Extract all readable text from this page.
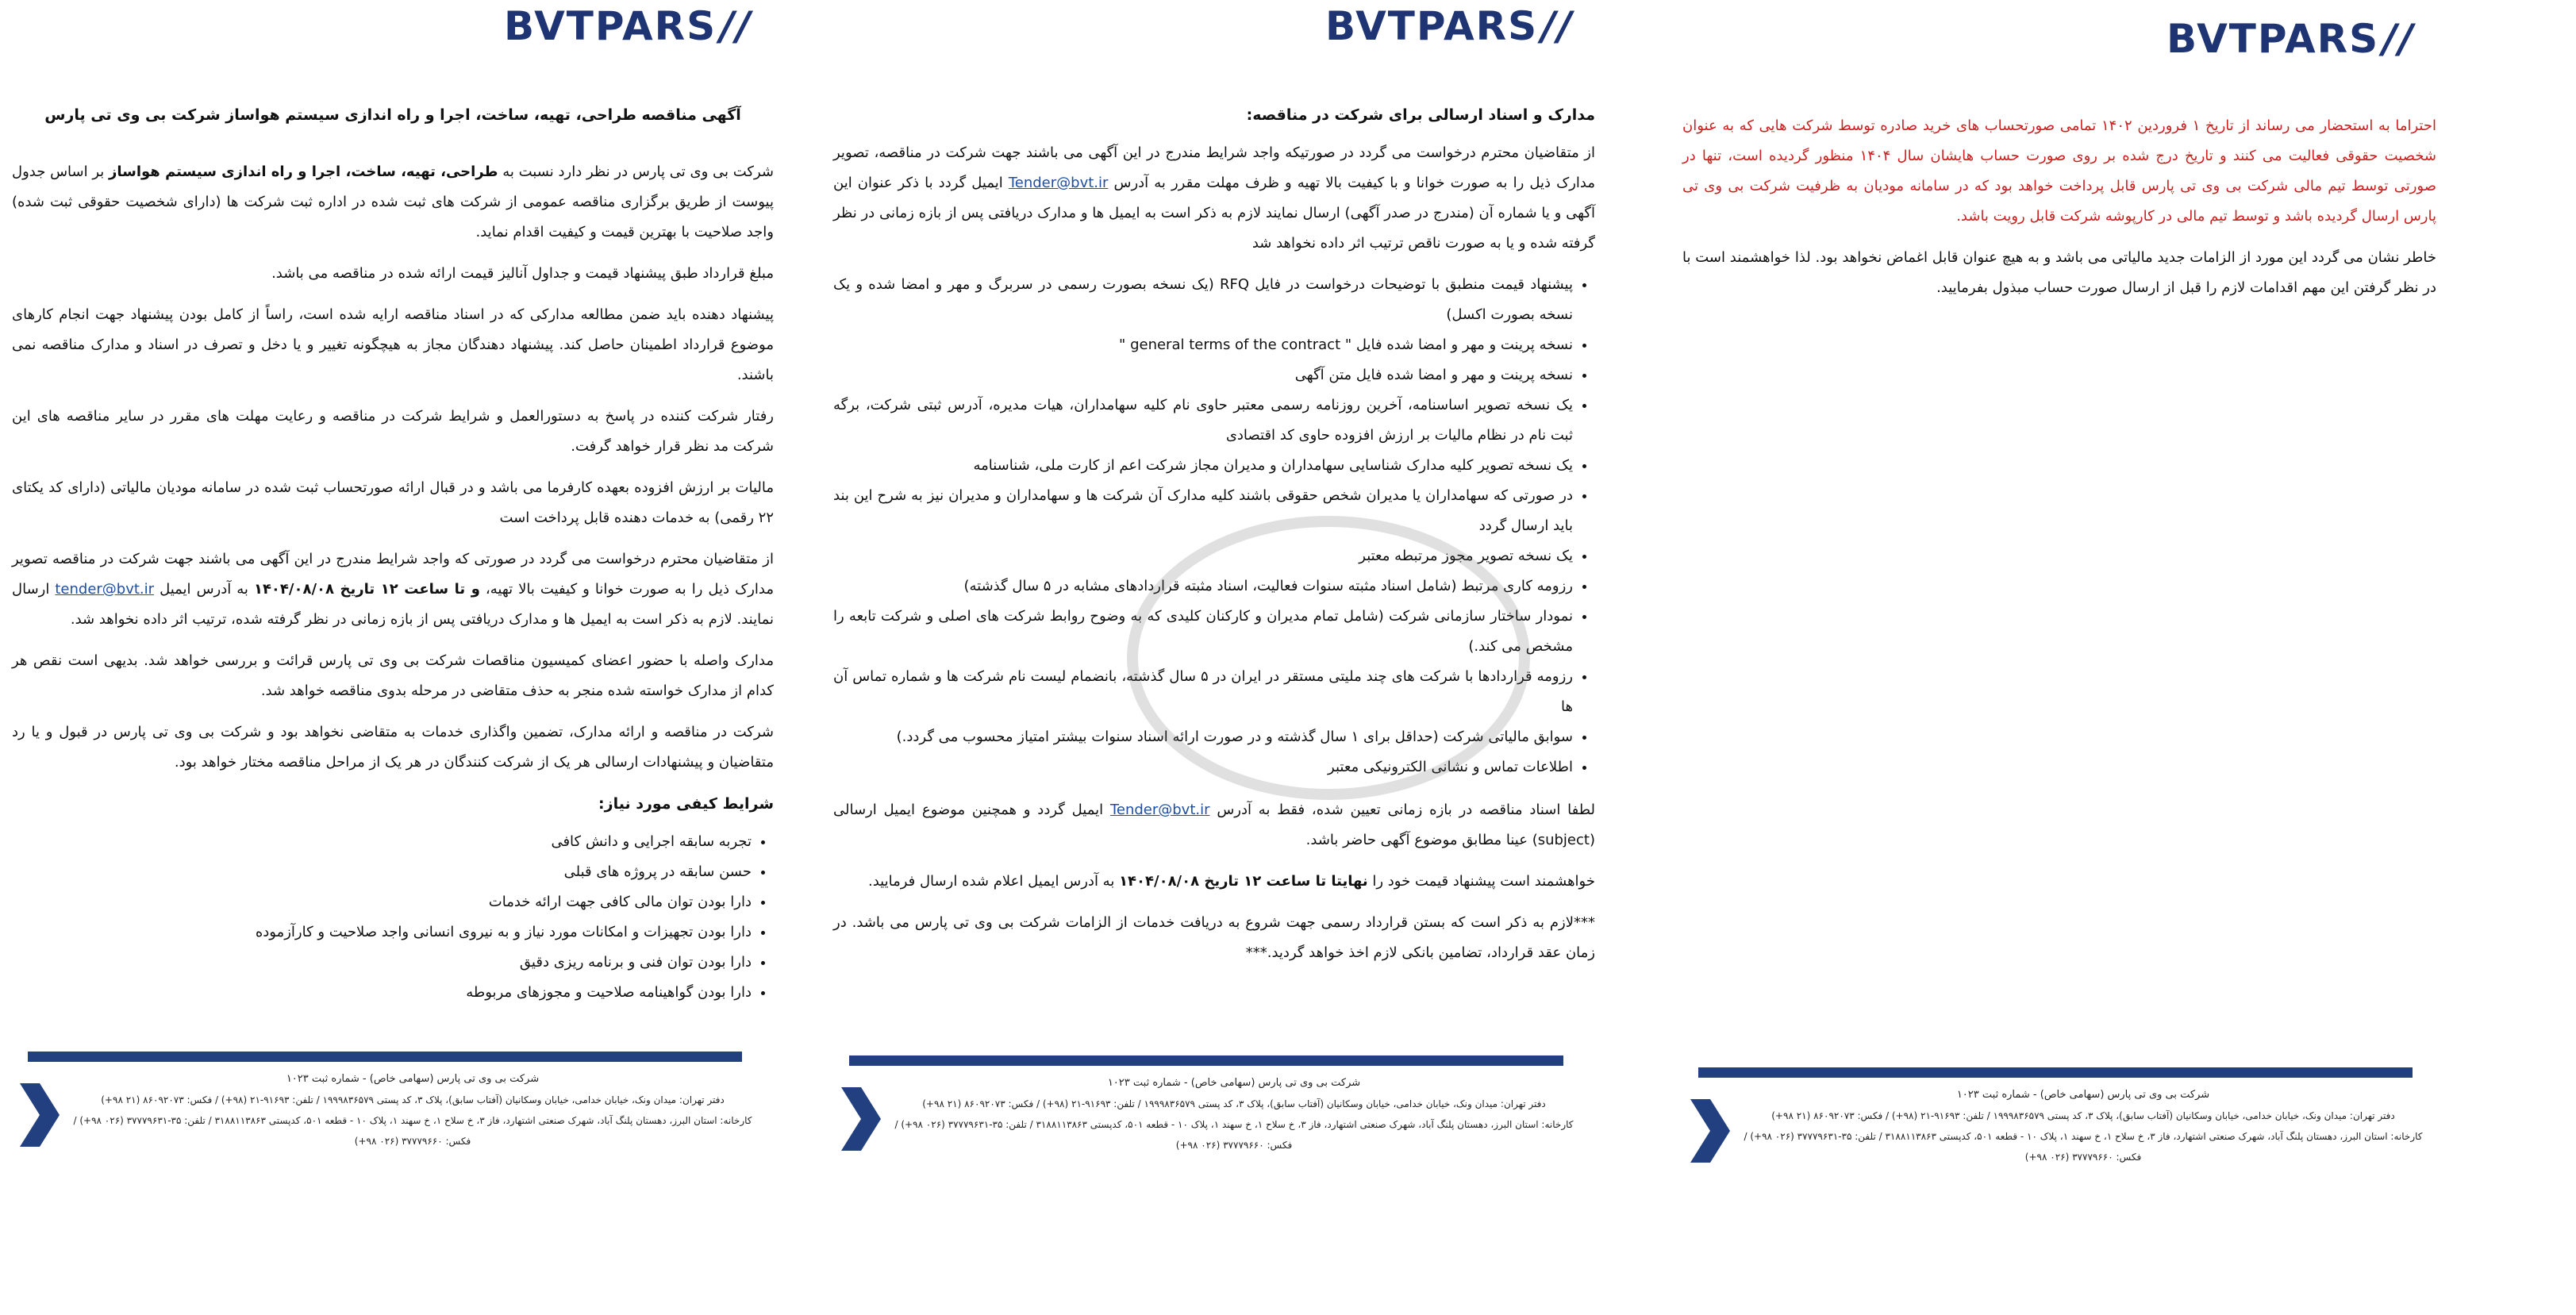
BVTPARS//

آگهی مناقصه طراحی، تهیه، ساخت، اجرا و راه اندازی سیستم هواساز شرکت بی وی تی پارس

شرکت بی وی تی پارس در نظر دارد نسبت به طراحی، تهیه، ساخت، اجرا و راه اندازی سیستم هواساز بر اساس جدول پیوست از طریق برگزاری مناقصه عمومی از شرکت های ثبت شده در اداره ثبت شرکت ها (دارای شخصیت حقوقی ثبت شده) واجد صلاحیت با بهترین قیمت و کیفیت اقدام نماید.

مبلغ قرارداد طبق پیشنهاد قیمت و جداول آنالیز قیمت ارائه شده در مناقصه می باشد.

پیشنهاد دهنده باید ضمن مطالعه مدارکی که در اسناد مناقصه ارایه شده است، راساً از کامل بودن پیشنهاد جهت انجام کارهای موضوع قرارداد اطمینان حاصل کند. پیشنهاد دهندگان مجاز به هیچگونه تغییر و یا دخل و تصرف در اسناد و مدارک مناقصه نمی باشند.

رفتار شرکت کننده در پاسخ به دستورالعمل و شرایط شرکت در مناقصه و رعایت مهلت های مقرر در سایر مناقصه های این شرکت مد نظر قرار خواهد گرفت.

مالیات بر ارزش افزوده بعهده کارفرما می باشد و در قبال ارائه صورتحساب ثبت شده در سامانه مودیان مالیاتی (دارای کد یکتای ۲۲ رقمی) به خدمات دهنده قابل پرداخت است

از متقاضیان محترم درخواست می گردد در صورتی که واجد شرایط مندرج در این آگهی می باشند جهت شرکت در مناقصه تصویر مدارک ذیل را به صورت خوانا و کیفیت بالا تهیه، و تا ساعت ۱۲ تاریخ ۱۴۰۴/۰۸/۰۸ به آدرس ایمیل tender@bvt.ir ارسال نمایند. لازم به ذکر است به ایمیل ها و مدارک دریافتی پس از بازه زمانی در نظر گرفته شده، ترتیب اثر داده نخواهد شد.

مدارک واصله با حضور اعضای کمیسیون مناقصات شرکت بی وی تی پارس قرائت و بررسی خواهد شد. بدیهی است نقص هر کدام از مدارک خواسته شده منجر به حذف متقاضی در مرحله بدوی مناقصه خواهد شد.

شرکت در مناقصه و ارائه مدارک، تضمین واگذاری خدمات به متقاضی نخواهد بود و شرکت بی وی تی پارس در قبول و یا رد متقاضیان و پیشنهادات ارسالی هر یک از شرکت کنندگان در هر یک از مراحل مناقصه مختار خواهد بود.

شرایط کیفی مورد نیاز:

• تجربه سابقه اجرایی و دانش کافی
• حسن سابقه در پروژه های قبلی
• دارا بودن توان مالی کافی جهت ارائه خدمات
• دارا بودن تجهیزات و امکانات مورد نیاز و به نیروی انسانی واجد صلاحیت و کارآزموده
• دارا بودن توان فنی و برنامه ریزی دقیق
• دارا بودن گواهینامه صلاحیت و مجوزهای مربوطه
شرکت بی وی تی پارس (سهامی خاص) - شماره ثبت ۱۰۲۳
دفتر تهران: میدان ونک، خیابان خدامی، خیابان وسکانیان (آفتاب سابق)، پلاک ۳، کد پستی ۱۹۹۹۸۳۶۵۷۹ / تلفن: ۹۱۶۹۳-۲۱ (۹۸+) / فکس: ۸۶۰۹۲۰۷۳ (۲۱ ۹۸+)
کارخانه: استان البرز، دهستان پلنگ آباد، شهرک صنعتی اشتهارد، فاز ۳، خ سلاح ۱، خ سهند ۱، پلاک ۱۰ - قطعه ۵۰۱، کدپستی ۳۱۸۸۱۱۳۸۶۳ / تلفن: ۳۵-۳۷۷۷۹۶۳۱ (۰۲۶ ۹۸+) / فکس: ۳۷۷۷۹۶۶۰ (۰۲۶ ۹۸+)
BVTPARS//

مدارک و اسناد ارسالی برای شرکت در مناقصه:

از متقاضیان محترم درخواست می گردد در صورتیکه واجد شرایط مندرج در این آگهی می باشند جهت شرکت در مناقصه، تصویر مدارک ذیل را به صورت خوانا و با کیفیت بالا تهیه و ظرف مهلت مقرر به آدرس Tender@bvt.ir ایمیل گردد با ذکر عنوان این آگهی و یا شماره آن (مندرج در صدر آگهی) ارسال نمایند لازم به ذکر است به ایمیل ها و مدارک دریافتی پس از بازه زمانی در نظر گرفته شده و یا به صورت ناقص ترتیب اثر داده نخواهد شد

• پیشنهاد قیمت منطبق با توضیحات درخواست در فایل RFQ (یک نسخه بصورت رسمی در سربرگ و مهر و امضا شده و یک نسخه بصورت اکسل)
• نسخه پرینت و مهر و امضا شده فایل " general terms of the contract "
• نسخه پرینت و مهر و امضا شده فایل متن آگهی
• یک نسخه تصویر اساسنامه، آخرین روزنامه رسمی معتبر حاوی نام کلیه سهامداران، هیات مدیره، آدرس ثبتی شرکت، برگه ثبت نام در نظام مالیات بر ارزش افزوده حاوی کد اقتصادی
• یک نسخه تصویر کلیه مدارک شناسایی سهامداران و مدیران مجاز شرکت اعم از کارت ملی، شناسنامه
• در صورتی که سهامداران یا مدیران شخص حقوقی باشند کلیه مدارک آن شرکت ها و سهامداران و مدیران نیز به شرح این بند باید ارسال گردد
• یک نسخه تصویر مجوز مرتبطه معتبر
• رزومه کاری مرتبط (شامل اسناد مثبته سنوات فعالیت، اسناد مثبته قراردادهای مشابه در ۵ سال گذشته)
• نمودار ساختار سازمانی شرکت (شامل تمام مدیران و کارکنان کلیدی که به وضوح روابط شرکت های اصلی و شرکت تابعه را مشخص می کند.)
• رزومه قراردادها با شرکت های چند ملیتی مستقر در ایران در ۵ سال گذشته، بانضمام لیست نام شرکت ها و شماره تماس آن ها
• سوابق مالیاتی شرکت (حداقل برای ۱ سال گذشته و در صورت ارائه اسناد سنوات بیشتر امتیاز محسوب می گردد.)
• اطلاعات تماس و نشانی الکترونیکی معتبر

لطفا اسناد مناقصه در بازه زمانی تعیین شده، فقط به آدرس Tender@bvt.ir ایمیل گردد و همچنین موضوع ایمیل ارسالی (subject) عینا مطابق موضوع آگهی حاضر باشد.

خواهشمند است پیشنهاد قیمت خود را نهایتا تا ساعت ۱۲ تاریخ ۱۴۰۴/۰۸/۰۸ به آدرس ایمیل اعلام شده ارسال فرمایید.

***لازم به ذکر است که بستن قرارداد رسمی جهت شروع به دریافت خدمات از الزامات شرکت بی وی تی پارس می باشد. در زمان عقد قرارداد، تضامین بانکی لازم اخذ خواهد گردید.***

شرکت بی وی تی پارس (سهامی خاص) - شماره ثبت ۱۰۲۳
دفتر تهران: میدان ونک، خیابان خدامی، خیابان وسکانیان (آفتاب سابق)، پلاک ۳، کد پستی ۱۹۹۹۸۳۶۵۷۹ / تلفن: ۹۱۶۹۳-۲۱ (۹۸+) / فکس: ۸۶۰۹۲۰۷۳ (۲۱ ۹۸+)
کارخانه: استان البرز، دهستان پلنگ آباد، شهرک صنعتی اشتهارد، فاز ۳، خ سلاح ۱، خ سهند ۱، پلاک ۱۰ - قطعه ۵۰۱، کدپستی ۳۱۸۸۱۱۳۸۶۳ / تلفن: ۳۵-۳۷۷۷۹۶۳۱ (۰۲۶ ۹۸+) / فکس: ۳۷۷۷۹۶۶۰ (۰۲۶ ۹۸+)
BVTPARS//

احتراما به استحضار می رساند از تاریخ ۱ فروردین ۱۴۰۲ تمامی صورتحساب های خرید صادره توسط شرکت هایی که به عنوان شخصیت حقوقی فعالیت می کنند و تاریخ درج شده بر روی صورت حساب هایشان سال ۱۴۰۴ منظور گردیده است، تنها در صورتی توسط تیم مالی شرکت بی وی تی پارس قابل پرداخت خواهد بود که در سامانه مودیان به ظرفیت شرکت بی وی تی پارس ارسال گردیده باشد و توسط تیم مالی در کارپوشه شرکت قابل رویت باشد.

خاطر نشان می گردد این مورد از الزامات جدید مالیاتی می باشد و به هیچ عنوان قابل اغماض نخواهد بود. لذا خواهشمند است با در نظر گرفتن این مهم اقدامات لازم را قبل از ارسال صورت حساب مبذول بفرمایید.

شرکت بی وی تی پارس (سهامی خاص) - شماره ثبت ۱۰۲۳
دفتر تهران: میدان ونک، خیابان خدامی، خیابان وسکانیان (آفتاب سابق)، پلاک ۳، کد پستی ۱۹۹۹۸۳۶۵۷۹ / تلفن: ۹۱۶۹۳-۲۱ (۹۸+) / فکس: ۸۶۰۹۲۰۷۳ (۲۱ ۹۸+)
کارخانه: استان البرز، دهستان پلنگ آباد، شهرک صنعتی اشتهارد، فاز ۳، خ سلاح ۱، خ سهند ۱، پلاک ۱۰ - قطعه ۵۰۱، کدپستی ۳۱۸۸۱۱۳۸۶۳ / تلفن: ۳۵-۳۷۷۷۹۶۳۱ (۰۲۶ ۹۸+) / فکس: ۳۷۷۷۹۶۶۰ (۰۲۶ ۹۸+)
